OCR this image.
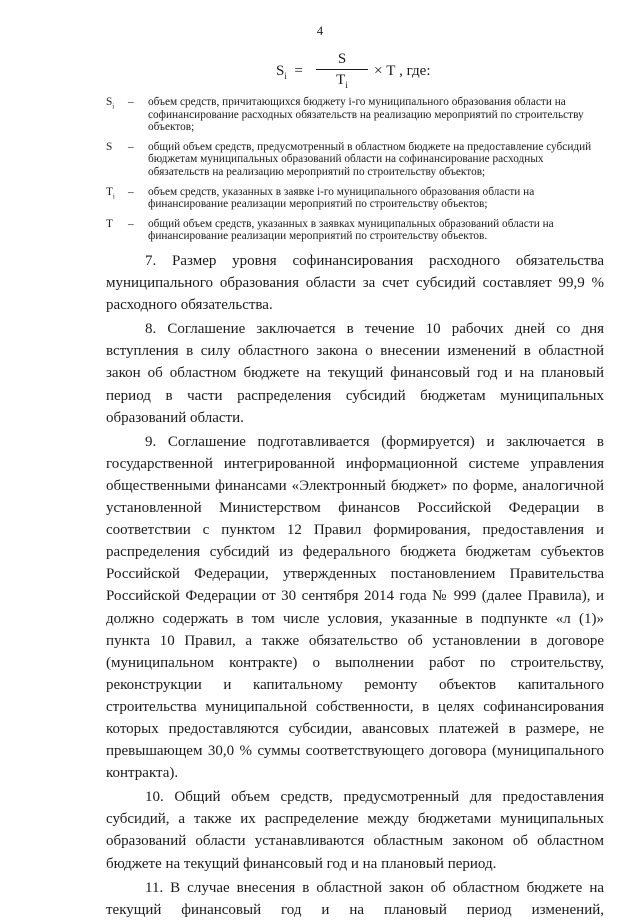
4
$S_i$ =
S
$T_i$
× Т , где:
$S_i$	–	объем средств, причитающихся бюджету i-го муниципального образования области на софинансирование расходных обязательств на реализацию мероприятий по строительству объектов;
S	–	общий объем средств, предусмотренный в областном бюджете на предоставление субсидий бюджетам муниципальных образований области на софинансирование расходных обязательств на реализацию мероприятий по строительству объектов;
$Т_i$	–	объем средств, указанных в заявке i-го муниципального образования области на финансирование реализации мероприятий по строительству объектов;
Т	–	общий объем средств, указанных в заявках муниципальных образований области на финансирование реализации мероприятий по строительству объектов.

7. Размер уровня софинансирования расходного обязательства муниципального образования области за счет субсидий составляет 99,9 % расходного обязательства.

8. Соглашение заключается в течение 10 рабочих дней со дня вступления в силу областного закона о внесении изменений в областной закон об областном бюджете на текущий финансовый год и на плановый период в части распределения субсидий бюджетам муниципальных образований области.

9. Соглашение подготавливается (формируется) и заключается в государственной интегрированной информационной системе управления общественными финансами «Электронный бюджет» по форме, аналогичной установленной Министерством финансов Российской Федерации в соответствии с пунктом 12 Правил формирования, предоставления и распределения субсидий из федерального бюджета бюджетам субъектов Российской Федерации, утвержденных постановлением Правительства Российской Федерации от 30 сентября 2014 года № 999 (далее Правила), и должно содержать в том числе условия, указанные в подпункте «л (1)» пункта 10 Правил, а также обязательство об установлении в договоре (муниципальном контракте) о выполнении работ по строительству, реконструкции и капитальному ремонту объектов капитального строительства муниципальной собственности, в целях софинансирования которых предоставляются субсидии, авансовых платежей в размере, не превышающем 30,0 % суммы соответствующего договора (муниципального контракта).

10. Общий объем средств, предусмотренный для предоставления субсидий, а также их распределение между бюджетами муниципальных образований области устанавливаются областным законом об областном бюджете на текущий финансовый год и на плановый период.

11. В случае внесения в областной закон об областном бюджете на текущий финансовый год и на плановый период изменений,
